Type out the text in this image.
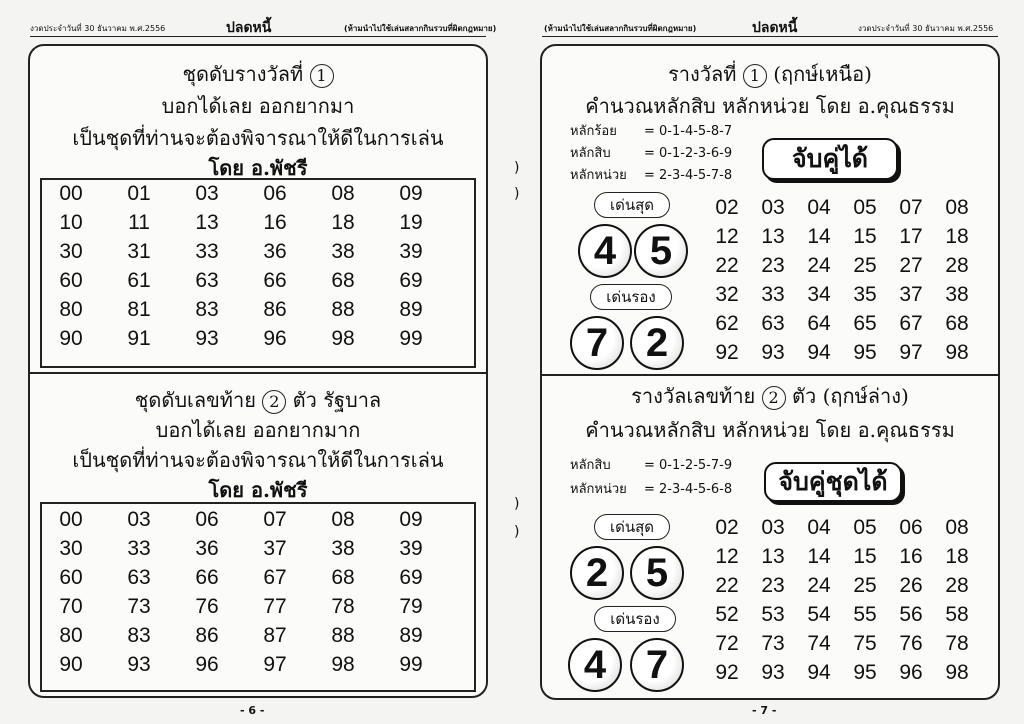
งวดประจำวันที่ 30 ธันวาคม พ.ศ.2556	ปลดหนี้	(ห้ามนำไปใช้เล่นสลากกินรวบที่ผิดกฎหมาย)
ชุดดับรางวัลที่ 1
บอกได้เลย ออกยากมา
เป็นชุดที่ท่านจะต้องพิจารณาให้ดีในการเล่น
โดย อ.พัชรี
00	01	03	06	08	09
10	11	13	16	18	19
30	31	33	36	38	39
60	61	63	66	68	69
80	81	83	86	88	89
90	91	93	96	98	99
ชุดดับเลขท้าย 2 ตัว รัฐบาล
บอกได้เลย ออกยากมาก
เป็นชุดที่ท่านจะต้องพิจารณาให้ดีในการเล่น
โดย อ.พัชรี
00	03	06	07	08	09
30	33	36	37	38	39
60	63	66	67	68	69
70	73	76	77	78	79
80	83	86	87	88	89
90	93	96	97	98	99
- 6 -
(ห้ามนำไปใช้เล่นสลากกินรวบที่ผิดกฎหมาย)	ปลดหนี้	งวดประจำวันที่ 30 ธันวาคม พ.ศ.2556
รางวัลที่ 1 (ฤกษ์เหนือ)
คำนวณหลักสิบ หลักหน่วย โดย อ.คุณธรรม
หลักร้อย = 0-1-4-5-8-7
หลักสิบ	= 0-1-2-3-6-9
หลักหน่วย = 2-3-4-5-7-8
จับคู่ได้
เด่นสุด
4 5
เด่นรอง
7 2
02	03	04	05	07	08
12	13	14	15	17	18
22	23	24	25	27	28
32	33	34	35	37	38
62	63	64	65	67	68
92	93	94	95	97	98
รางวัลเลขท้าย 2 ตัว (ฤกษ์ล่าง)
คำนวณหลักสิบ หลักหน่วย โดย อ.คุณธรรม
หลักสิบ	= 0-1-2-5-7-9
หลักหน่วย = 2-3-4-5-6-8	จับคู่ชุดได้
เด่นสุด
2 5
เด่นรอง
4 7
02	03	04	05	06	08
12	13	14	15	16	18
22	23	24	25	26	28
52	53	54	55	56	58
72	73	74	75	76	78
92	93	94	95	96	98
- 7 -
)
)
)
)
